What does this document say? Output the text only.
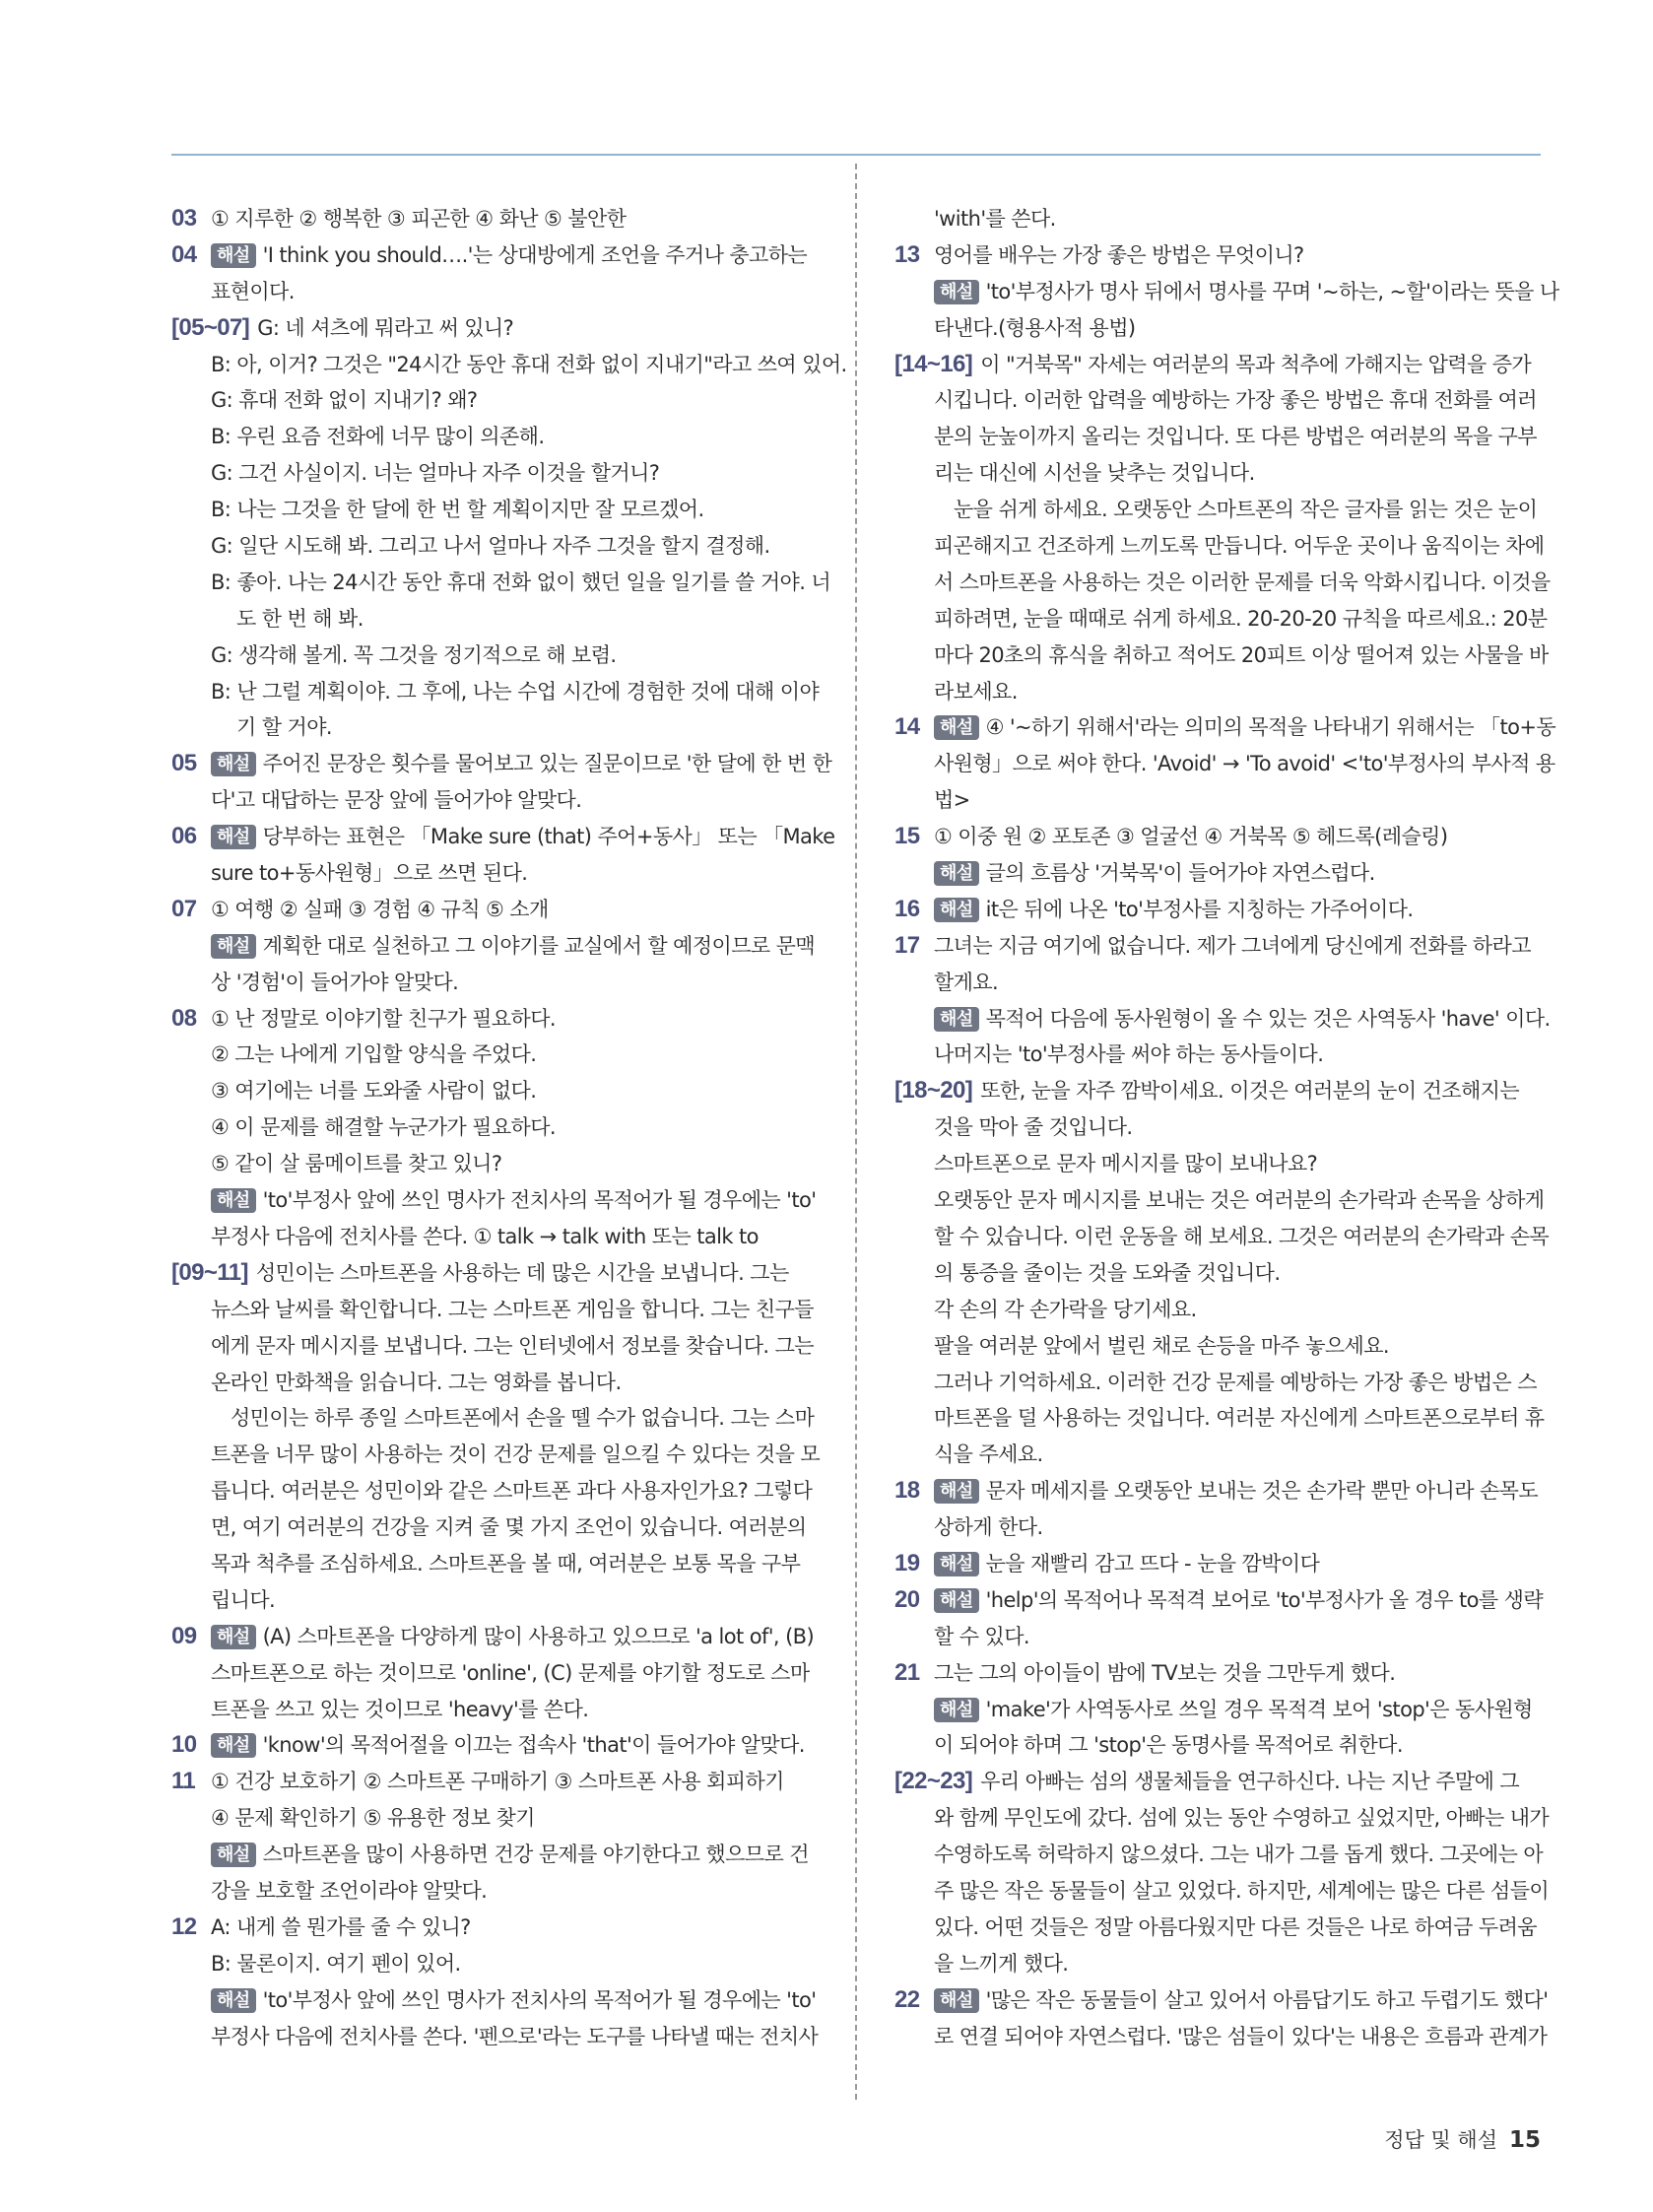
03 ① 지루한 ② 행복한 ③ 피곤한 ④ 화난 ⑤ 불안한
04 해설 'I think you should….'는 상대방에게 조언을 주거나 충고하는
표현이다.
[05~07] G: 네 셔츠에 뭐라고 써 있니?
B: 아, 이거? 그것은 "24시간 동안 휴대 전화 없이 지내기"라고 쓰여 있어.
G: 휴대 전화 없이 지내기? 왜?
B: 우린 요즘 전화에 너무 많이 의존해.
G: 그건 사실이지. 너는 얼마나 자주 이것을 할거니?
B: 나는 그것을 한 달에 한 번 할 계획이지만 잘 모르겠어.
G: 일단 시도해 봐. 그리고 나서 얼마나 자주 그것을 할지 결정해.
B: 좋아. 나는 24시간 동안 휴대 전화 없이 했던 일을 일기를 쓸 거야. 너
도 한 번 해 봐.
G: 생각해 볼게. 꼭 그것을 정기적으로 해 보렴.
B: 난 그럴 계획이야. 그 후에, 나는 수업 시간에 경험한 것에 대해 이야
기 할 거야.
05 해설 주어진 문장은 횟수를 물어보고 있는 질문이므로 '한 달에 한 번 한
다'고 대답하는 문장 앞에 들어가야 알맞다.
06 해설 당부하는 표현은 「Make sure (that) 주어+동사」 또는 「Make
sure to+동사원형」으로 쓰면 된다.
07 ① 여행 ② 실패 ③ 경험 ④ 규칙 ⑤ 소개
해설 계획한 대로 실천하고 그 이야기를 교실에서 할 예정이므로 문맥
상 '경험'이 들어가야 알맞다.
08 ① 난 정말로 이야기할 친구가 필요하다.
② 그는 나에게 기입할 양식을 주었다.
③ 여기에는 너를 도와줄 사람이 없다.
④ 이 문제를 해결할 누군가가 필요하다.
⑤ 같이 살 룸메이트를 찾고 있니?
해설 'to'부정사 앞에 쓰인 명사가 전치사의 목적어가 될 경우에는 'to'
부정사 다음에 전치사를 쓴다. ① talk → talk with 또는 talk to
[09~11] 성민이는 스마트폰을 사용하는 데 많은 시간을 보냅니다. 그는
뉴스와 날씨를 확인합니다. 그는 스마트폰 게임을 합니다. 그는 친구들
에게 문자 메시지를 보냅니다. 그는 인터넷에서 정보를 찾습니다. 그는
온라인 만화책을 읽습니다. 그는 영화를 봅니다.
성민이는 하루 종일 스마트폰에서 손을 뗄 수가 없습니다. 그는 스마
트폰을 너무 많이 사용하는 것이 건강 문제를 일으킬 수 있다는 것을 모
릅니다. 여러분은 성민이와 같은 스마트폰 과다 사용자인가요? 그렇다
면, 여기 여러분의 건강을 지켜 줄 몇 가지 조언이 있습니다. 여러분의
목과 척추를 조심하세요. 스마트폰을 볼 때, 여러분은 보통 목을 구부
립니다.
09 해설 (A) 스마트폰을 다양하게 많이 사용하고 있으므로 'a lot of', (B)
스마트폰으로 하는 것이므로 'online', (C) 문제를 야기할 정도로 스마
트폰을 쓰고 있는 것이므로 'heavy'를 쓴다.
10 해설 'know'의 목적어절을 이끄는 접속사 'that'이 들어가야 알맞다.
11 ① 건강 보호하기 ② 스마트폰 구매하기 ③ 스마트폰 사용 회피하기
④ 문제 확인하기 ⑤ 유용한 정보 찾기
해설 스마트폰을 많이 사용하면 건강 문제를 야기한다고 했으므로 건
강을 보호할 조언이라야 알맞다.
12 A: 내게 쓸 뭔가를 줄 수 있니?
B: 물론이지. 여기 펜이 있어.
해설 'to'부정사 앞에 쓰인 명사가 전치사의 목적어가 될 경우에는 'to'
부정사 다음에 전치사를 쓴다. '펜으로'라는 도구를 나타낼 때는 전치사
'with'를 쓴다.
13 영어를 배우는 가장 좋은 방법은 무엇이니?
해설 'to'부정사가 명사 뒤에서 명사를 꾸며 '~하는, ~할'이라는 뜻을 나
타낸다.(형용사적 용법)
[14~16] 이 "거북목" 자세는 여러분의 목과 척추에 가해지는 압력을 증가
시킵니다. 이러한 압력을 예방하는 가장 좋은 방법은 휴대 전화를 여러
분의 눈높이까지 올리는 것입니다. 또 다른 방법은 여러분의 목을 구부
리는 대신에 시선을 낮추는 것입니다.
눈을 쉬게 하세요. 오랫동안 스마트폰의 작은 글자를 읽는 것은 눈이
피곤해지고 건조하게 느끼도록 만듭니다. 어두운 곳이나 움직이는 차에
서 스마트폰을 사용하는 것은 이러한 문제를 더욱 악화시킵니다. 이것을
피하려면, 눈을 때때로 쉬게 하세요. 20-20-20 규칙을 따르세요.: 20분
마다 20초의 휴식을 취하고 적어도 20피트 이상 떨어져 있는 사물을 바
라보세요.
14 해설 ④ '~하기 위해서'라는 의미의 목적을 나타내기 위해서는 「to+동
사원형」으로 써야 한다. 'Avoid' → 'To avoid' <'to'부정사의 부사적 용
법>
15 ① 이중 원 ② 포토존 ③ 얼굴선 ④ 거북목 ⑤ 헤드록(레슬링)
해설 글의 흐름상 '거북목'이 들어가야 자연스럽다.
16 해설 it은 뒤에 나온 'to'부정사를 지칭하는 가주어이다.
17 그녀는 지금 여기에 없습니다. 제가 그녀에게 당신에게 전화를 하라고
할게요.
해설 목적어 다음에 동사원형이 올 수 있는 것은 사역동사 'have' 이다.
나머지는 'to'부정사를 써야 하는 동사들이다.
[18~20] 또한, 눈을 자주 깜박이세요. 이것은 여러분의 눈이 건조해지는
것을 막아 줄 것입니다.
스마트폰으로 문자 메시지를 많이 보내나요?
오랫동안 문자 메시지를 보내는 것은 여러분의 손가락과 손목을 상하게
할 수 있습니다. 이런 운동을 해 보세요. 그것은 여러분의 손가락과 손목
의 통증을 줄이는 것을 도와줄 것입니다.
각 손의 각 손가락을 당기세요.
팔을 여러분 앞에서 벌린 채로 손등을 마주 놓으세요.
그러나 기억하세요. 이러한 건강 문제를 예방하는 가장 좋은 방법은 스
마트폰을 덜 사용하는 것입니다. 여러분 자신에게 스마트폰으로부터 휴
식을 주세요.
18 해설 문자 메세지를 오랫동안 보내는 것은 손가락 뿐만 아니라 손목도
상하게 한다.
19 해설 눈을 재빨리 감고 뜨다 - 눈을 깜박이다
20 해설 'help'의 목적어나 목적격 보어로 'to'부정사가 올 경우 to를 생략
할 수 있다.
21 그는 그의 아이들이 밤에 TV보는 것을 그만두게 했다.
해설 'make'가 사역동사로 쓰일 경우 목적격 보어 'stop'은 동사원형
이 되어야 하며 그 'stop'은 동명사를 목적어로 취한다.
[22~23] 우리 아빠는 섬의 생물체들을 연구하신다. 나는 지난 주말에 그
와 함께 무인도에 갔다. 섬에 있는 동안 수영하고 싶었지만, 아빠는 내가
수영하도록 허락하지 않으셨다. 그는 내가 그를 돕게 했다. 그곳에는 아
주 많은 작은 동물들이 살고 있었다. 하지만, 세계에는 많은 다른 섬들이
있다. 어떤 것들은 정말 아름다웠지만 다른 것들은 나로 하여금 두려움
을 느끼게 했다.
22 해설 '많은 작은 동물들이 살고 있어서 아름답기도 하고 두렵기도 했다'
로 연결 되어야 자연스럽다. '많은 섬들이 있다'는 내용은 흐름과 관계가
정답 및 해설 15
